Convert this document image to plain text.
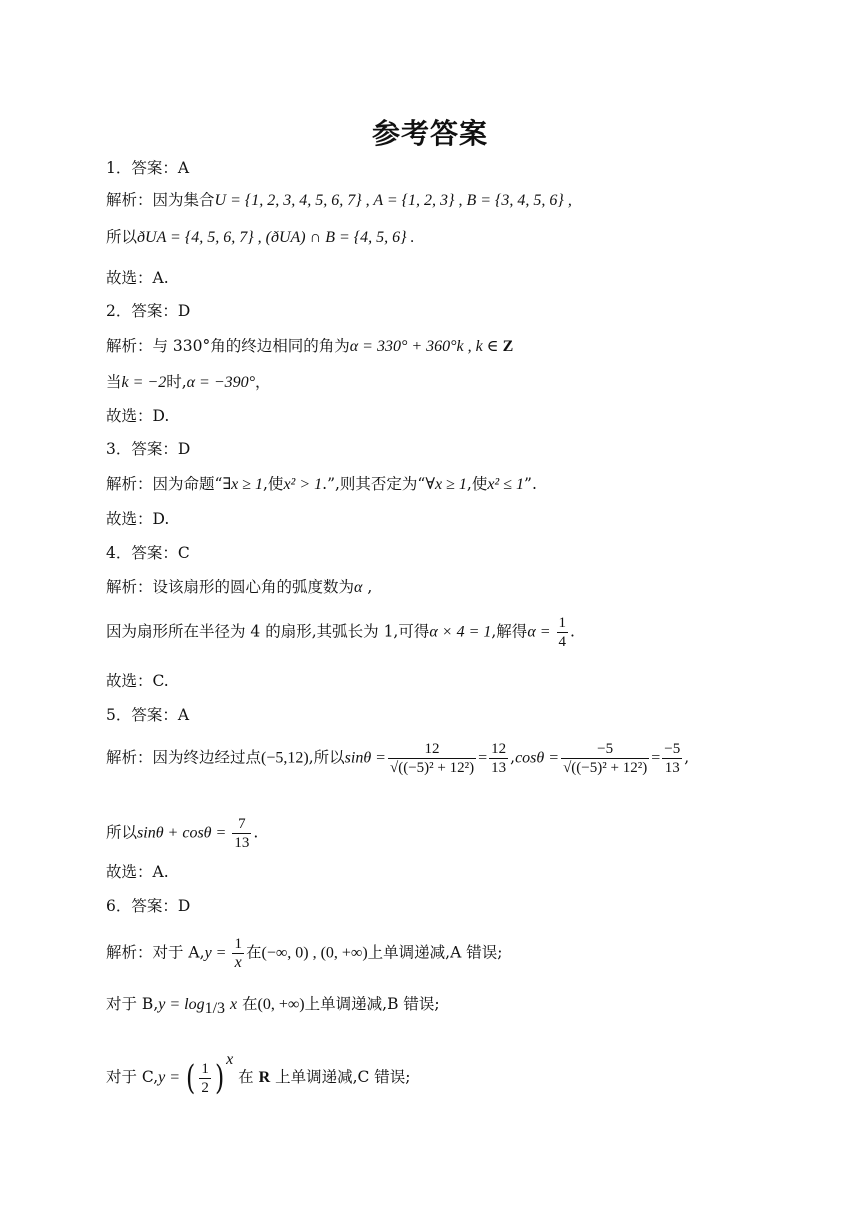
参考答案
1．答案：A
解析：因为集合U = {1, 2, 3, 4, 5, 6, 7} , A = {1, 2, 3} , B = {3, 4, 5, 6} ,
所以ðUA = {4, 5, 6, 7} , (ðUA) ∩ B = {4, 5, 6} .
故选：A.
2．答案：D
解析：与 330°角的终边相同的角为α = 330° + 360°k , k ∈ Z
当k = −2时,α = −390°，
故选：D.
3．答案：D
解析：因为命题“∃x ≥ 1,使x² > 1.”,则其否定为“∀x ≥ 1,使x² ≤ 1”.
故选：D.
4．答案：C
解析：设该扇形的圆心角的弧度数为α ,
因为扇形所在半径为 4 的扇形,其弧长为 1,可得α × 4 = 1,解得$\alpha = \frac{1}{4}$ .
故选：C.
5．答案：A
解析：因为终边经过点(−5,12),所以$\sin\theta = \frac{12}{\text{√((−5)² + 12²)}} = \frac{12}{13} ,\cos\theta = \frac{-5}{\text{√((−5)² + 12²)}} = \frac{-5}{13}$ ,
所以$\sin\theta + \cos\theta = \frac{7}{13}$ .
故选：A.
6．答案：D
解析：对于 $A,y = \frac{1}{x}$ 在(−∞, 0) , (0, +∞)上单调递减,A 错误;
对于 $B,y = \log_{1/3} x$ 在(0, +∞)上单调递减,B 错误;
对于 C,y = ( $\frac{1}{2}$ ) $^x$ 在 R 上单调递减,C 错误;
